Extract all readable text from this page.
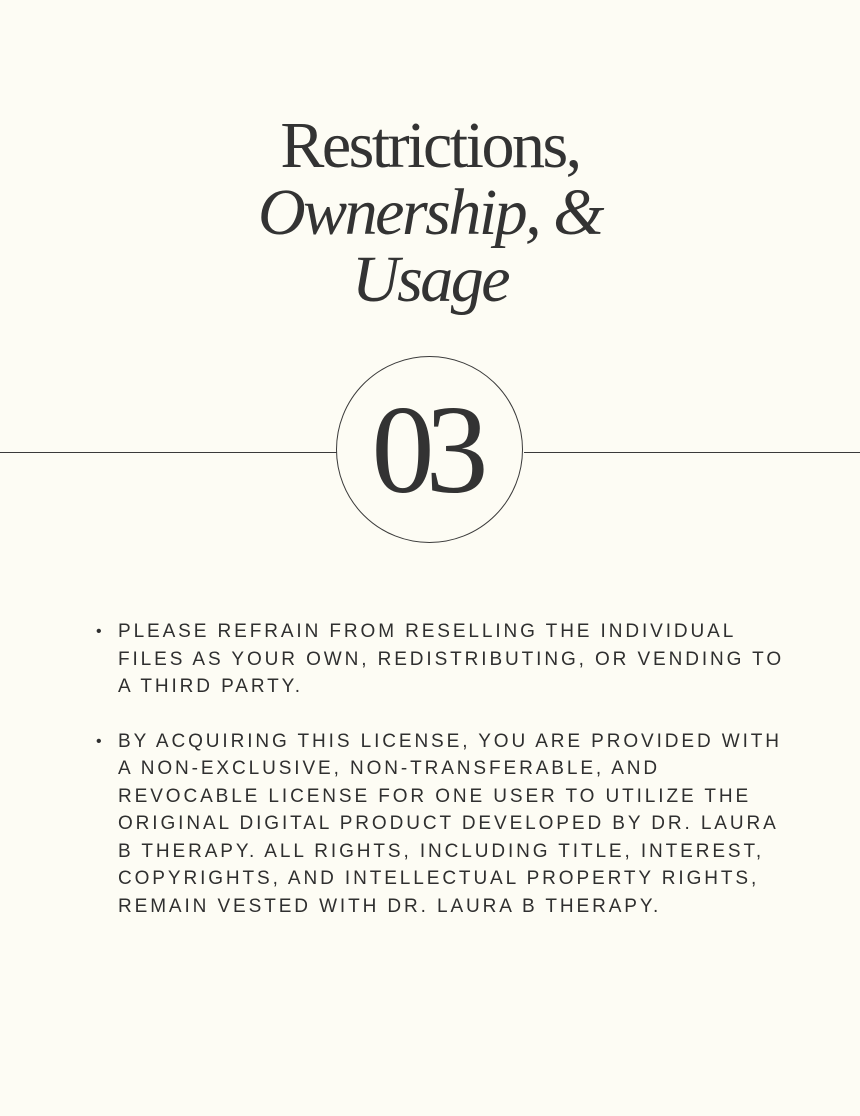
Restrictions,
Ownership, &
Usage
03
• PLEASE REFRAIN FROM RESELLING THE INDIVIDUAL FILES AS YOUR OWN, REDISTRIBUTING, OR VENDING TO A THIRD PARTY.
• BY ACQUIRING THIS LICENSE, YOU ARE PROVIDED WITH A NON-EXCLUSIVE, NON-TRANSFERABLE, AND REVOCABLE LICENSE FOR ONE USER TO UTILIZE THE ORIGINAL DIGITAL PRODUCT DEVELOPED BY DR. LAURA B THERAPY. ALL RIGHTS, INCLUDING TITLE, INTEREST, COPYRIGHTS, AND INTELLECTUAL PROPERTY RIGHTS, REMAIN VESTED WITH DR. LAURA B THERAPY.
